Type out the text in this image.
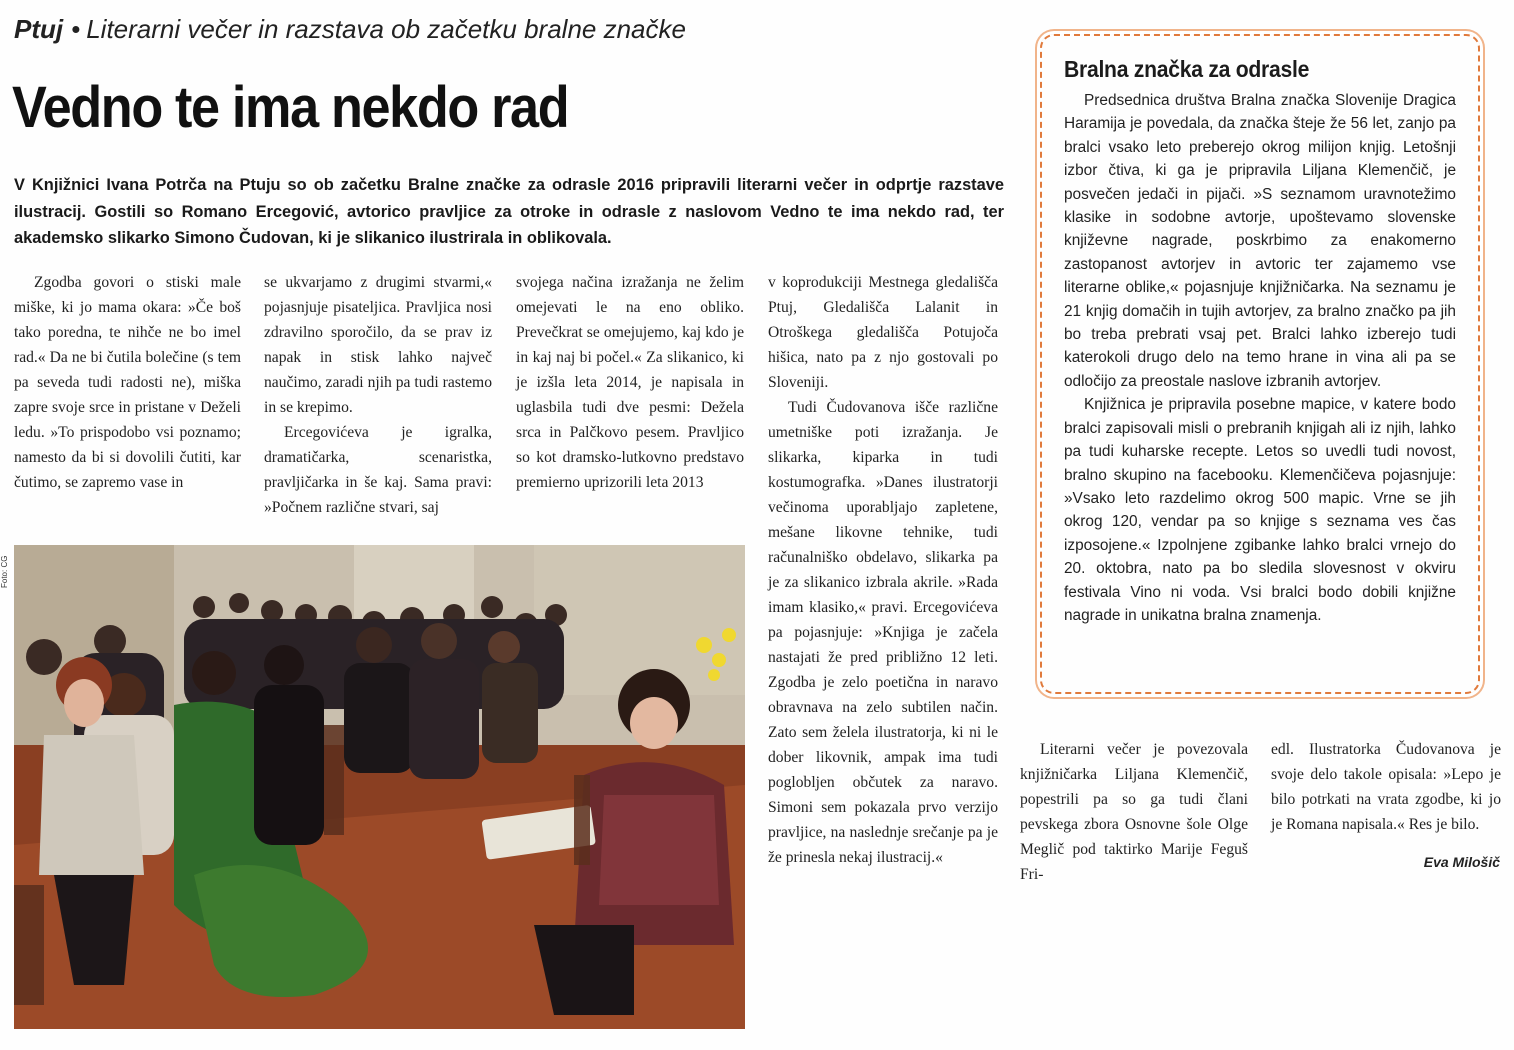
Ptuj • Literarni večer in razstava ob začetku bralne značke
Vedno te ima nekdo rad
V Knjižnici Ivana Potrča na Ptuju so ob začetku Bralne značke za odrasle 2016 pripravili literarni večer in odprtje razstave ilustracij. Gostili so Romano Ercegović, avtorico pravljice za otroke in odrasle z naslovom Vedno te ima nekdo rad, ter akademsko slikarko Simono Čudovan, ki je slikanico ilustrirala in oblikovala.

Zgodba govori o stiski male miške, ki jo mama okara: »Če boš tako poredna, te nihče ne bo imel rad.« Da ne bi čutila bolečine (s tem pa seveda tudi radosti ne), miška zapre svoje srce in pristane v Deželi ledu. »To prispodobo vsi poznamo; namesto da bi si dovolili čutiti, kar čutimo, se zapremo vase in

se ukvarjamo z drugimi stvarmi,« pojasnjuje pisateljica. Pravljica nosi zdravilno sporočilo, da se prav iz napak in stisk lahko največ naučimo, zaradi njih pa tudi rastemo in se krepimo.

Ercegovićeva je igralka, dramatičarka, scenaristka, pravljičarka in še kaj. Sama pravi: »Počnem različne stvari, saj

svojega načina izražanja ne želim omejevati le na eno obliko. Prevečkrat se omejujemo, kaj kdo je in kaj naj bi počel.« Za slikanico, ki je izšla leta 2014, je napisala in uglasbila tudi dve pesmi: Dežela srca in Palčkovo pesem. Pravljico so kot dramsko-lutkovno predstavo premierno uprizorili leta 2013

v koprodukciji Mestnega gledališča Ptuj, Gledališča Lalanit in Otroškega gledališča Potujoča hišica, nato pa z njo gostovali po Sloveniji.

Tudi Čudovanova išče različne umetniške poti izražanja. Je slikarka, kiparka in tudi kostumografka. »Danes ilustratorji večinoma uporabljajo zapletene, mešane likovne tehnike, tudi računalniško obdelavo, slikarka pa je za slikanico izbrala akrile. »Rada imam klasiko,« pravi. Ercegovićeva pa pojasnjuje: »Knjiga je začela nastajati že pred približno 12 leti. Zgodba je zelo poetična in naravo obravnava na zelo subtilen način. Zato sem želela ilustratorja, ki ni le dober likovnik, ampak ima tudi poglobljen občutek za naravo. Simoni sem pokazala prvo verzijo pravljice, na naslednje srečanje pa je že prinesla nekaj ilustracij.«

Literarni večer je povezovala knjižničarka Liljana Klemenčič, popestrili pa so ga tudi člani pevskega zbora Osnovne šole Olge Meglič pod taktirko Marije Feguš Fri-

edl. Ilustratorka Čudovanova je svoje delo takole opisala: »Lepo je bilo potrkati na vrata zgodbe, ki jo je Romana napisala.« Res je bilo.

Eva Milošič
Foto: CG
Bralna značka za odrasle

Predsednica društva Bralna značka Slovenije Dragica Haramija je povedala, da značka šteje že 56 let, zanjo pa bralci vsako leto preberejo okrog milijon knjig. Letošnji izbor čtiva, ki ga je pripravila Liljana Klemenčič, je posvečen jedači in pijači. »S seznamom uravnotežimo klasike in sodobne avtorje, upoštevamo slovenske književne nagrade, poskrbimo za enakomerno zastopanost avtorjev in avtoric ter zajamemo vse literarne oblike,« pojasnjuje knjižničarka. Na seznamu je 21 knjig domačih in tujih avtorjev, za bralno značko pa jih bo treba prebrati vsaj pet. Bralci lahko izberejo tudi katerokoli drugo delo na temo hrane in vina ali pa se odločijo za preostale naslove izbranih avtorjev.

Knjižnica je pripravila posebne mapice, v katere bodo bralci zapisovali misli o prebranih knjigah ali iz njih, lahko pa tudi kuharske recepte. Letos so uvedli tudi novost, bralno skupino na facebooku. Klemenčičeva pojasnjuje: »Vsako leto razdelimo okrog 500 mapic. Vrne se jih okrog 120, vendar pa so knjige s seznama ves čas izposojene.« Izpolnjene zgibanke lahko bralci vrnejo do 20. oktobra, nato pa bo sledila slovesnost v okviru festivala Vino ni voda. Vsi bralci bodo dobili knjižne nagrade in unikatna bralna znamenja.
